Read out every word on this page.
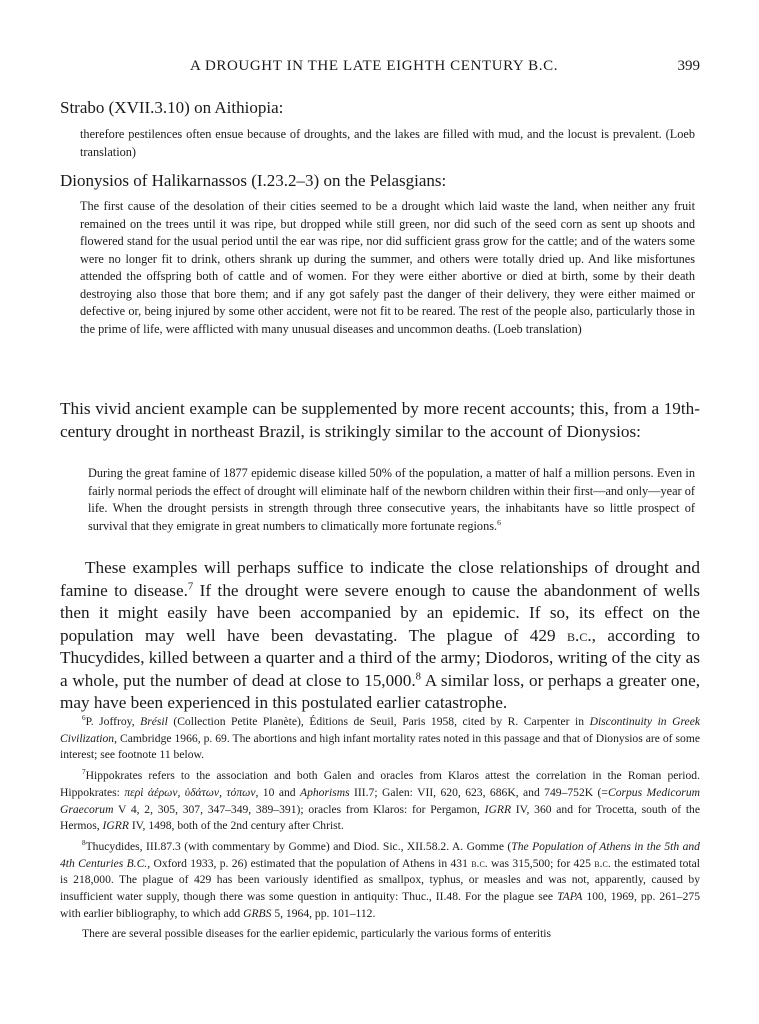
A DROUGHT IN THE LATE EIGHTH CENTURY B.C.	399

Strabo (XVII.3.10) on Aithiopia:

therefore pestilences often ensue because of droughts, and the lakes are filled with mud, and the locust is prevalent. (Loeb translation)

Dionysios of Halikarnassos (I.23.2–3) on the Pelasgians:

The first cause of the desolation of their cities seemed to be a drought which laid waste the land, when neither any fruit remained on the trees until it was ripe, but dropped while still green, nor did such of the seed corn as sent up shoots and flowered stand for the usual period until the ear was ripe, nor did sufficient grass grow for the cattle; and of the waters some were no longer fit to drink, others shrank up during the summer, and others were totally dried up. And like misfortunes attended the offspring both of cattle and of women. For they were either abortive or died at birth, some by their death destroying also those that bore them; and if any got safely past the danger of their delivery, they were either maimed or defective or, being injured by some other accident, were not fit to be reared. The rest of the people also, particularly those in the prime of life, were afflicted with many unusual diseases and uncommon deaths. (Loeb translation)

This vivid ancient example can be supplemented by more recent accounts; this, from a 19th-century drought in northeast Brazil, is strikingly similar to the account of Dionysios:

During the great famine of 1877 epidemic disease killed 50% of the population, a matter of half a million persons. Even in fairly normal periods the effect of drought will eliminate half of the newborn children within their first—and only—year of life. When the drought persists in strength through three consecutive years, the inhabitants have so little prospect of survival that they emigrate in great numbers to climatically more fortunate regions.$^6$

These examples will perhaps suffice to indicate the close relationships of drought and famine to disease.$^7$ If the drought were severe enough to cause the abandonment of wells then it might easily have been accompanied by an epidemic. If so, its effect on the population may well have been devastating. The plague of 429 b.c., according to Thucydides, killed between a quarter and a third of the army; Diodoros, writing of the city as a whole, put the number of dead at close to 15,000.$^8$ A similar loss, or perhaps a greater one, may have been experienced in this postulated earlier catastrophe.

$^6$P. Joffroy, Brésil (Collection Petite Planète), Éditions de Seuil, Paris 1958, cited by R. Carpenter in Discontinuity in Greek Civilization, Cambridge 1966, p. 69. The abortions and high infant mortality rates noted in this passage and that of Dionysios are of some interest; see footnote 11 below.

$^7$Hippokrates refers to the association and both Galen and oracles from Klaros attest the correlation in the Roman period. Hippokrates: περὶ ἀέρων, ὑδάτων, τόπων, 10 and Aphorisms III.7; Galen: VII, 620, 623, 686K, and 749–752K (=Corpus Medicorum Graecorum V 4, 2, 305, 307, 347–349, 389–391); oracles from Klaros: for Pergamon, IGRR IV, 360 and for Trocetta, south of the Hermos, IGRR IV, 1498, both of the 2nd century after Christ.

$^8$Thucydides, III.87.3 (with commentary by Gomme) and Diod. Sic., XII.58.2. A. Gomme (The Population of Athens in the 5th and 4th Centuries B.C., Oxford 1933, p. 26) estimated that the population of Athens in 431 b.c. was 315,500; for 425 b.c. the estimated total is 218,000. The plague of 429 has been variously identified as smallpox, typhus, or measles and was not, apparently, caused by insufficient water supply, though there was some question in antiquity: Thuc., II.48. For the plague see TAPA 100, 1969, pp. 261–275 with earlier bibliography, to which add GRBS 5, 1964, pp. 101–112.

There are several possible diseases for the earlier epidemic, particularly the various forms of enteritis
